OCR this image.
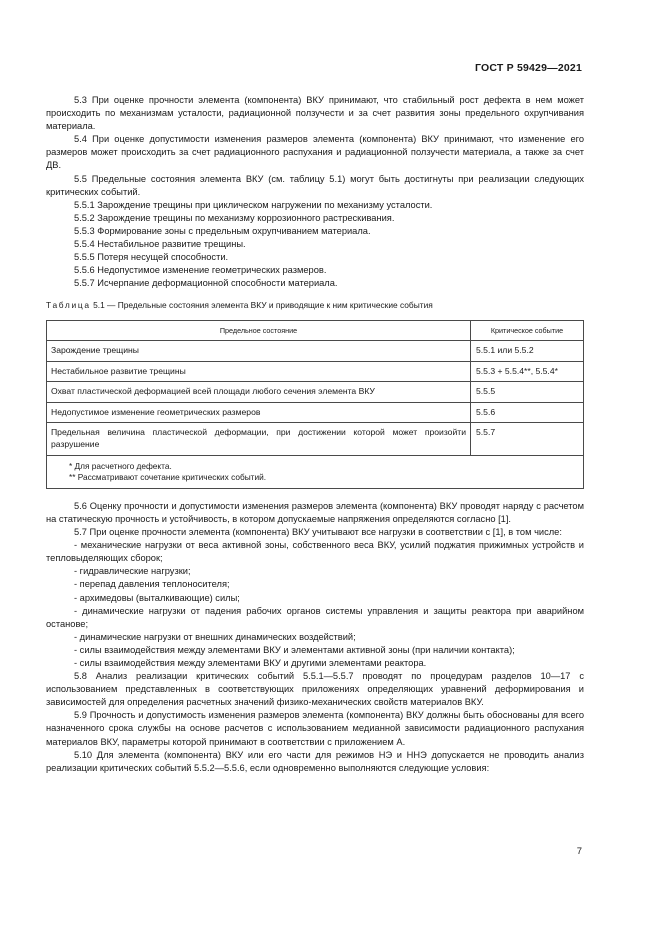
ГОСТ Р 59429—2021

5.3 При оценке прочности элемента (компонента) ВКУ принимают, что стабильный рост дефекта в нем может происходить по механизмам усталости, радиационной ползучести и за счет развития зоны предельного охрупчивания материала.

5.4 При оценке допустимости изменения размеров элемента (компонента) ВКУ принимают, что изменение его размеров может происходить за счет радиационного распухания и радиационной ползучести материала, а также за счет ДВ.

5.5 Предельные состояния элемента ВКУ (см. таблицу 5.1) могут быть достигнуты при реализации следующих критических событий.

5.5.1 Зарождение трещины при циклическом нагружении по механизму усталости.

5.5.2 Зарождение трещины по механизму коррозионного растрескивания.

5.5.3 Формирование зоны с предельным охрупчиванием материала.

5.5.4 Нестабильное развитие трещины.

5.5.5 Потеря несущей способности.

5.5.6 Недопустимое изменение геометрических размеров.

5.5.7 Исчерпание деформационной способности материала.

Таблица 5.1 — Предельные состояния элемента ВКУ и приводящие к ним критические события
Предельное состояние	Критическое событие
Зарождение трещины	5.5.1 или 5.5.2
Нестабильное развитие трещины	5.5.3 + 5.5.4**, 5.5.4*
Охват пластической деформацией всей площади любого сечения элемента ВКУ	5.5.5
Недопустимое изменение геометрических размеров	5.5.6
Предельная величина пластической деформации, при достижении которой может произойти разрушение	5.5.7

* Для расчетного дефекта.
** Рассматривают сочетание критических событий.	

5.6 Оценку прочности и допустимости изменения размеров элемента (компонента) ВКУ проводят наряду с расчетом на статическую прочность и устойчивость, в котором допускаемые напряжения определяются согласно [1].

5.7 При оценке прочности элемента (компонента) ВКУ учитывают все нагрузки в соответствии с [1], в том числе:

- механические нагрузки от веса активной зоны, собственного веса ВКУ, усилий поджатия прижимных устройств и тепловыделяющих сборок;

- гидравлические нагрузки;

- перепад давления теплоносителя;

- архимедовы (выталкивающие) силы;

- динамические нагрузки от падения рабочих органов системы управления и защиты реактора при аварийном останове;

- динамические нагрузки от внешних динамических воздействий;

- силы взаимодействия между элементами ВКУ и элементами активной зоны (при наличии контакта);

- силы взаимодействия между элементами ВКУ и другими элементами реактора.

5.8 Анализ реализации критических событий 5.5.1—5.5.7 проводят по процедурам разделов 10—17 с использованием представленных в соответствующих приложениях определяющих уравнений деформирования и зависимостей для определения расчетных значений физико-механических свойств материалов ВКУ.

5.9 Прочность и допустимость изменения размеров элемента (компонента) ВКУ должны быть обоснованы для всего назначенного срока службы на основе расчетов с использованием медианной зависимости радиационного распухания материалов ВКУ, параметры которой принимают в соответствии с приложением А.

5.10 Для элемента (компонента) ВКУ или его части для режимов НЭ и ННЭ допускается не проводить анализ реализации критических событий 5.5.2—5.5.6, если одновременно выполняются следующие условия:

7
